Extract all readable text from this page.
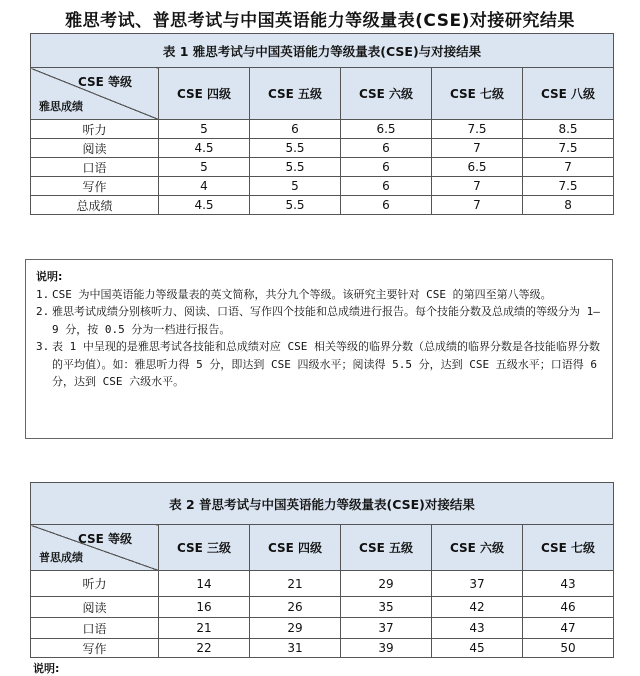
雅思考试、普思考试与中国英语能力等级量表(CSE)对接研究结果
表 1 雅思考试与中国英语能力等级量表(CSE)与对接结果					

CSE 等级
雅思成绩	CSE 四级	CSE 五级	CSE 六级	CSE 七级	CSE 八级
听力	5	6	6.5	7.5	8.5
阅读	4.5	5.5	6	7	7.5
口语	5	5.5	6	6.5	7
写作	4	5	6	7	7.5
总成绩	4.5	5.5	6	7	8
说明:
1. CSE 为中国英语能力等级量表的英文简称，共分九个等级。该研究主要针对 CSE 的第四至第八等级。
2. 雅思考试成绩分别核听力、阅读、口语、写作四个技能和总成绩进行报告。每个技能分数及总成绩的等级分为 1—9 分，按 0.5 分为一档进行报告。
3. 表 1 中呈现的是雅思考试各技能和总成绩对应 CSE 相关等级的临界分数（总成绩的临界分数是各技能临界分数的平均值）。如：雅思听力得 5 分，即达到 CSE 四级水平；阅读得 5.5 分，达到 CSE 五级水平；口语得 6 分，达到 CSE 六级水平。
表 2 普思考试与中国英语能力等级量表(CSE)对接结果					

CSE 等级
普思成绩	CSE 三级	CSE 四级	CSE 五级	CSE 六级	CSE 七级
听力	14	21	29	37	43
阅读	16	26	35	42	46
口语	21	29	37	43	47
写作	22	31	39	45	50
说明:
